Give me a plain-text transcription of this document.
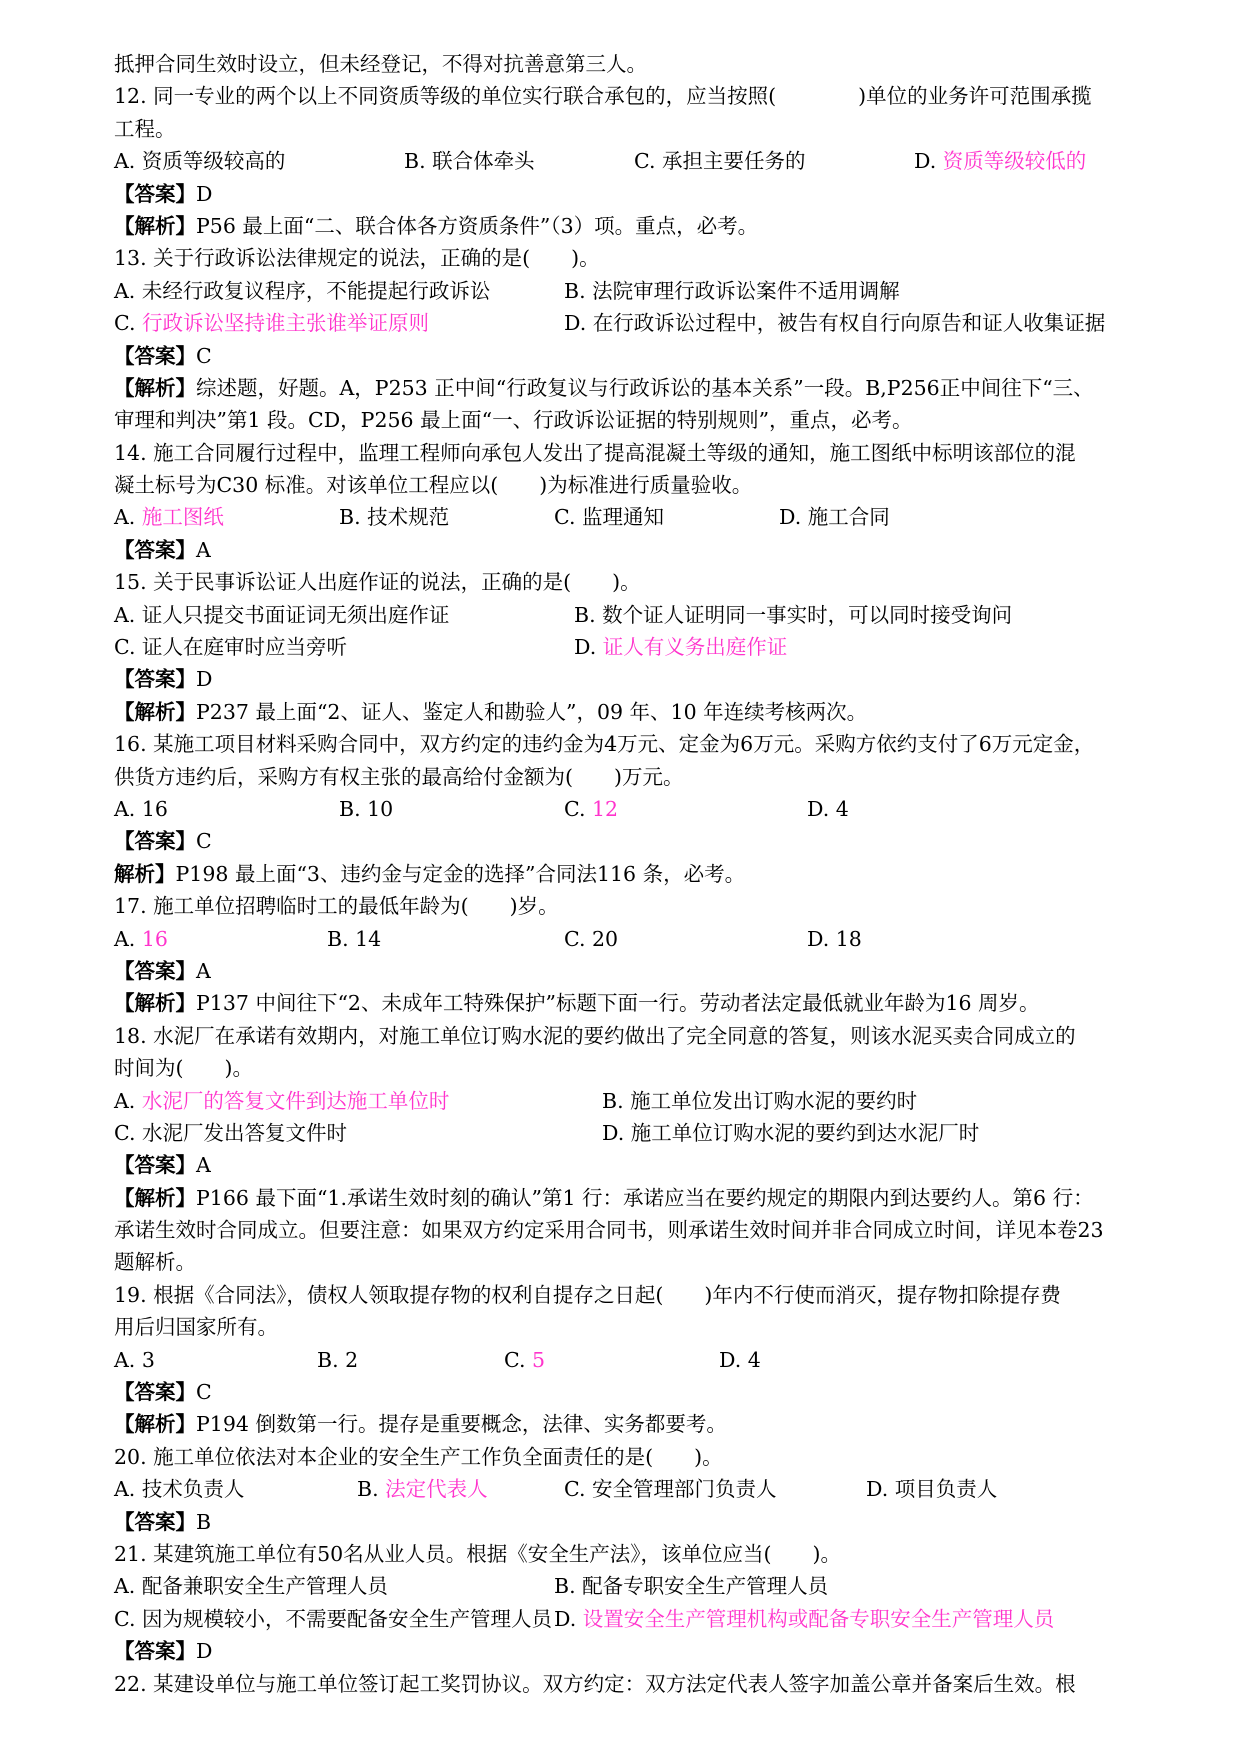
抵押合同生效时设立，但未经登记，不得对抗善意第三人。
12. 同一专业的两个以上不同资质等级的单位实行联合承包的，应当按照(　　　　)单位的业务许可范围承揽
工程。
A. 资质等级较高的	B. 联合体牵头	C. 承担主要任务的	D. 资质等级较低的
【答案】D
【解析】P56 最上面“二、联合体各方资质条件”（3）项。重点，必考。
13. 关于行政诉讼法律规定的说法，正确的是(　　)。
A. 未经行政复议程序，不能提起行政诉讼	B. 法院审理行政诉讼案件不适用调解
C. 行政诉讼坚持谁主张谁举证原则	D. 在行政诉讼过程中，被告有权自行向原告和证人收集证据
【答案】C
【解析】综述题，好题。A，P253 正中间“行政复议与行政诉讼的基本关系”一段。B,P256正中间往下“三、
审理和判决”第1 段。CD，P256 最上面“一、行政诉讼证据的特别规则”，重点，必考。
14. 施工合同履行过程中，监理工程师向承包人发出了提高混凝土等级的通知，施工图纸中标明该部位的混
凝土标号为C30 标准。对该单位工程应以(　　)为标准进行质量验收。
A. 施工图纸	B. 技术规范	C. 监理通知	D. 施工合同
【答案】A
15. 关于民事诉讼证人出庭作证的说法，正确的是(　　)。
A. 证人只提交书面证词无须出庭作证	B. 数个证人证明同一事实时，可以同时接受询问
C. 证人在庭审时应当旁听	D. 证人有义务出庭作证
【答案】D
【解析】P237 最上面“2、证人、鉴定人和勘验人”，09 年、10 年连续考核两次。
16. 某施工项目材料采购合同中，双方约定的违约金为4万元、定金为6万元。采购方依约支付了6万元定金，
供货方违约后，采购方有权主张的最高给付金额为(　　)万元。
A. 16	B. 10	C. 12	D. 4
【答案】C
解析】P198 最上面“3、违约金与定金的选择”合同法116 条，必考。
17. 施工单位招聘临时工的最低年龄为(　　)岁。
A. 16	B. 14	C. 20	D. 18
【答案】A
【解析】P137 中间往下“2、未成年工特殊保护”标题下面一行。劳动者法定最低就业年龄为16 周岁。
18. 水泥厂在承诺有效期内，对施工单位订购水泥的要约做出了完全同意的答复，则该水泥买卖合同成立的
时间为(　　)。
A. 水泥厂的答复文件到达施工单位时	B. 施工单位发出订购水泥的要约时
C. 水泥厂发出答复文件时	D. 施工单位订购水泥的要约到达水泥厂时
【答案】A
【解析】P166 最下面“1.承诺生效时刻的确认”第1 行：承诺应当在要约规定的期限内到达要约人。第6 行：
承诺生效时合同成立。但要注意：如果双方约定采用合同书，则承诺生效时间并非合同成立时间，详见本卷23
题解析。
19. 根据《合同法》，债权人领取提存物的权利自提存之日起(　　)年内不行使而消灭，提存物扣除提存费
用后归国家所有。
A. 3	B. 2	C. 5	D. 4
【答案】C
【解析】P194 倒数第一行。提存是重要概念，法律、实务都要考。
20. 施工单位依法对本企业的安全生产工作负全面责任的是(　　)。
A. 技术负责人	B. 法定代表人	C. 安全管理部门负责人	D. 项目负责人
【答案】B
21. 某建筑施工单位有50名从业人员。根据《安全生产法》，该单位应当(　　)。
A. 配备兼职安全生产管理人员	B. 配备专职安全生产管理人员
C. 因为规模较小，不需要配备安全生产管理人员 D. 设置安全生产管理机构或配备专职安全生产管理人员
【答案】D
22. 某建设单位与施工单位签订起工奖罚协议。双方约定：双方法定代表人签字加盖公章并备案后生效。根
